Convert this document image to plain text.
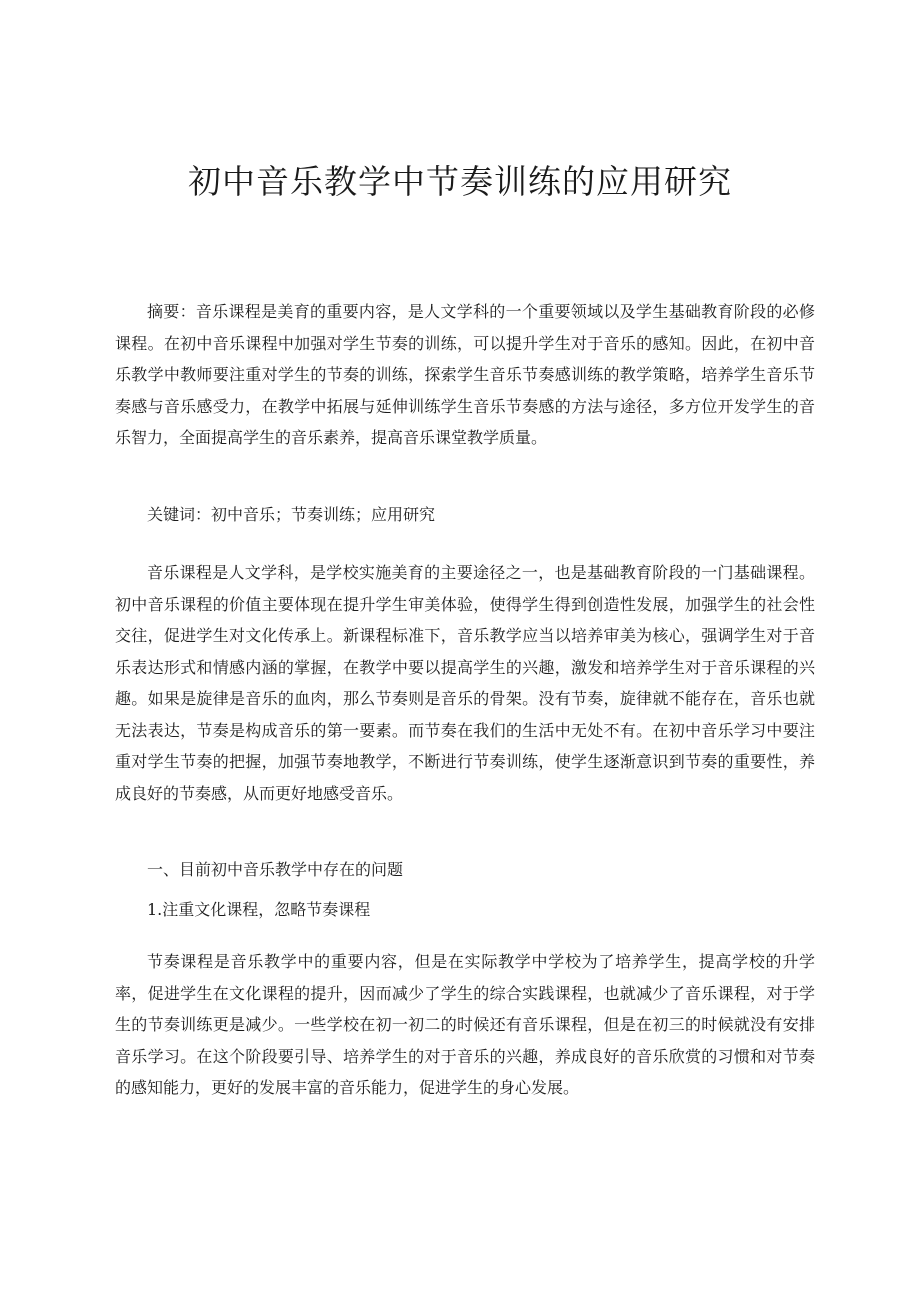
初中音乐教学中节奏训练的应用研究

摘要：音乐课程是美育的重要内容，是人文学科的一个重要领域以及学生基础教育阶段的必修课程。在初中音乐课程中加强对学生节奏的训练，可以提升学生对于音乐的感知。因此，在初中音乐教学中教师要注重对学生的节奏的训练，探索学生音乐节奏感训练的教学策略，培养学生音乐节奏感与音乐感受力，在教学中拓展与延伸训练学生音乐节奏感的方法与途径，多方位开发学生的音乐智力，全面提高学生的音乐素养，提高音乐课堂教学质量。

关键词：初中音乐；节奏训练；应用研究

音乐课程是人文学科，是学校实施美育的主要途径之一，也是基础教育阶段的一门基础课程。初中音乐课程的价值主要体现在提升学生审美体验，使得学生得到创造性发展，加强学生的社会性交往，促进学生对文化传承上。新课程标准下，音乐教学应当以培养审美为核心，强调学生对于音乐表达形式和情感内涵的掌握，在教学中要以提高学生的兴趣，激发和培养学生对于音乐课程的兴趣。如果是旋律是音乐的血肉，那么节奏则是音乐的骨架。没有节奏，旋律就不能存在，音乐也就无法表达，节奏是构成音乐的第一要素。而节奏在我们的生活中无处不有。在初中音乐学习中要注重对学生节奏的把握，加强节奏地教学，不断进行节奏训练，使学生逐渐意识到节奏的重要性，养成良好的节奏感，从而更好地感受音乐。

一、目前初中音乐教学中存在的问题

1.注重文化课程，忽略节奏课程

节奏课程是音乐教学中的重要内容，但是在实际教学中学校为了培养学生，提高学校的升学率，促进学生在文化课程的提升，因而减少了学生的综合实践课程，也就减少了音乐课程，对于学生的节奏训练更是减少。一些学校在初一初二的时候还有音乐课程，但是在初三的时候就没有安排音乐学习。在这个阶段要引导、培养学生的对于音乐的兴趣，养成良好的音乐欣赏的习惯和对节奏的感知能力，更好的发展丰富的音乐能力，促进学生的身心发展。
